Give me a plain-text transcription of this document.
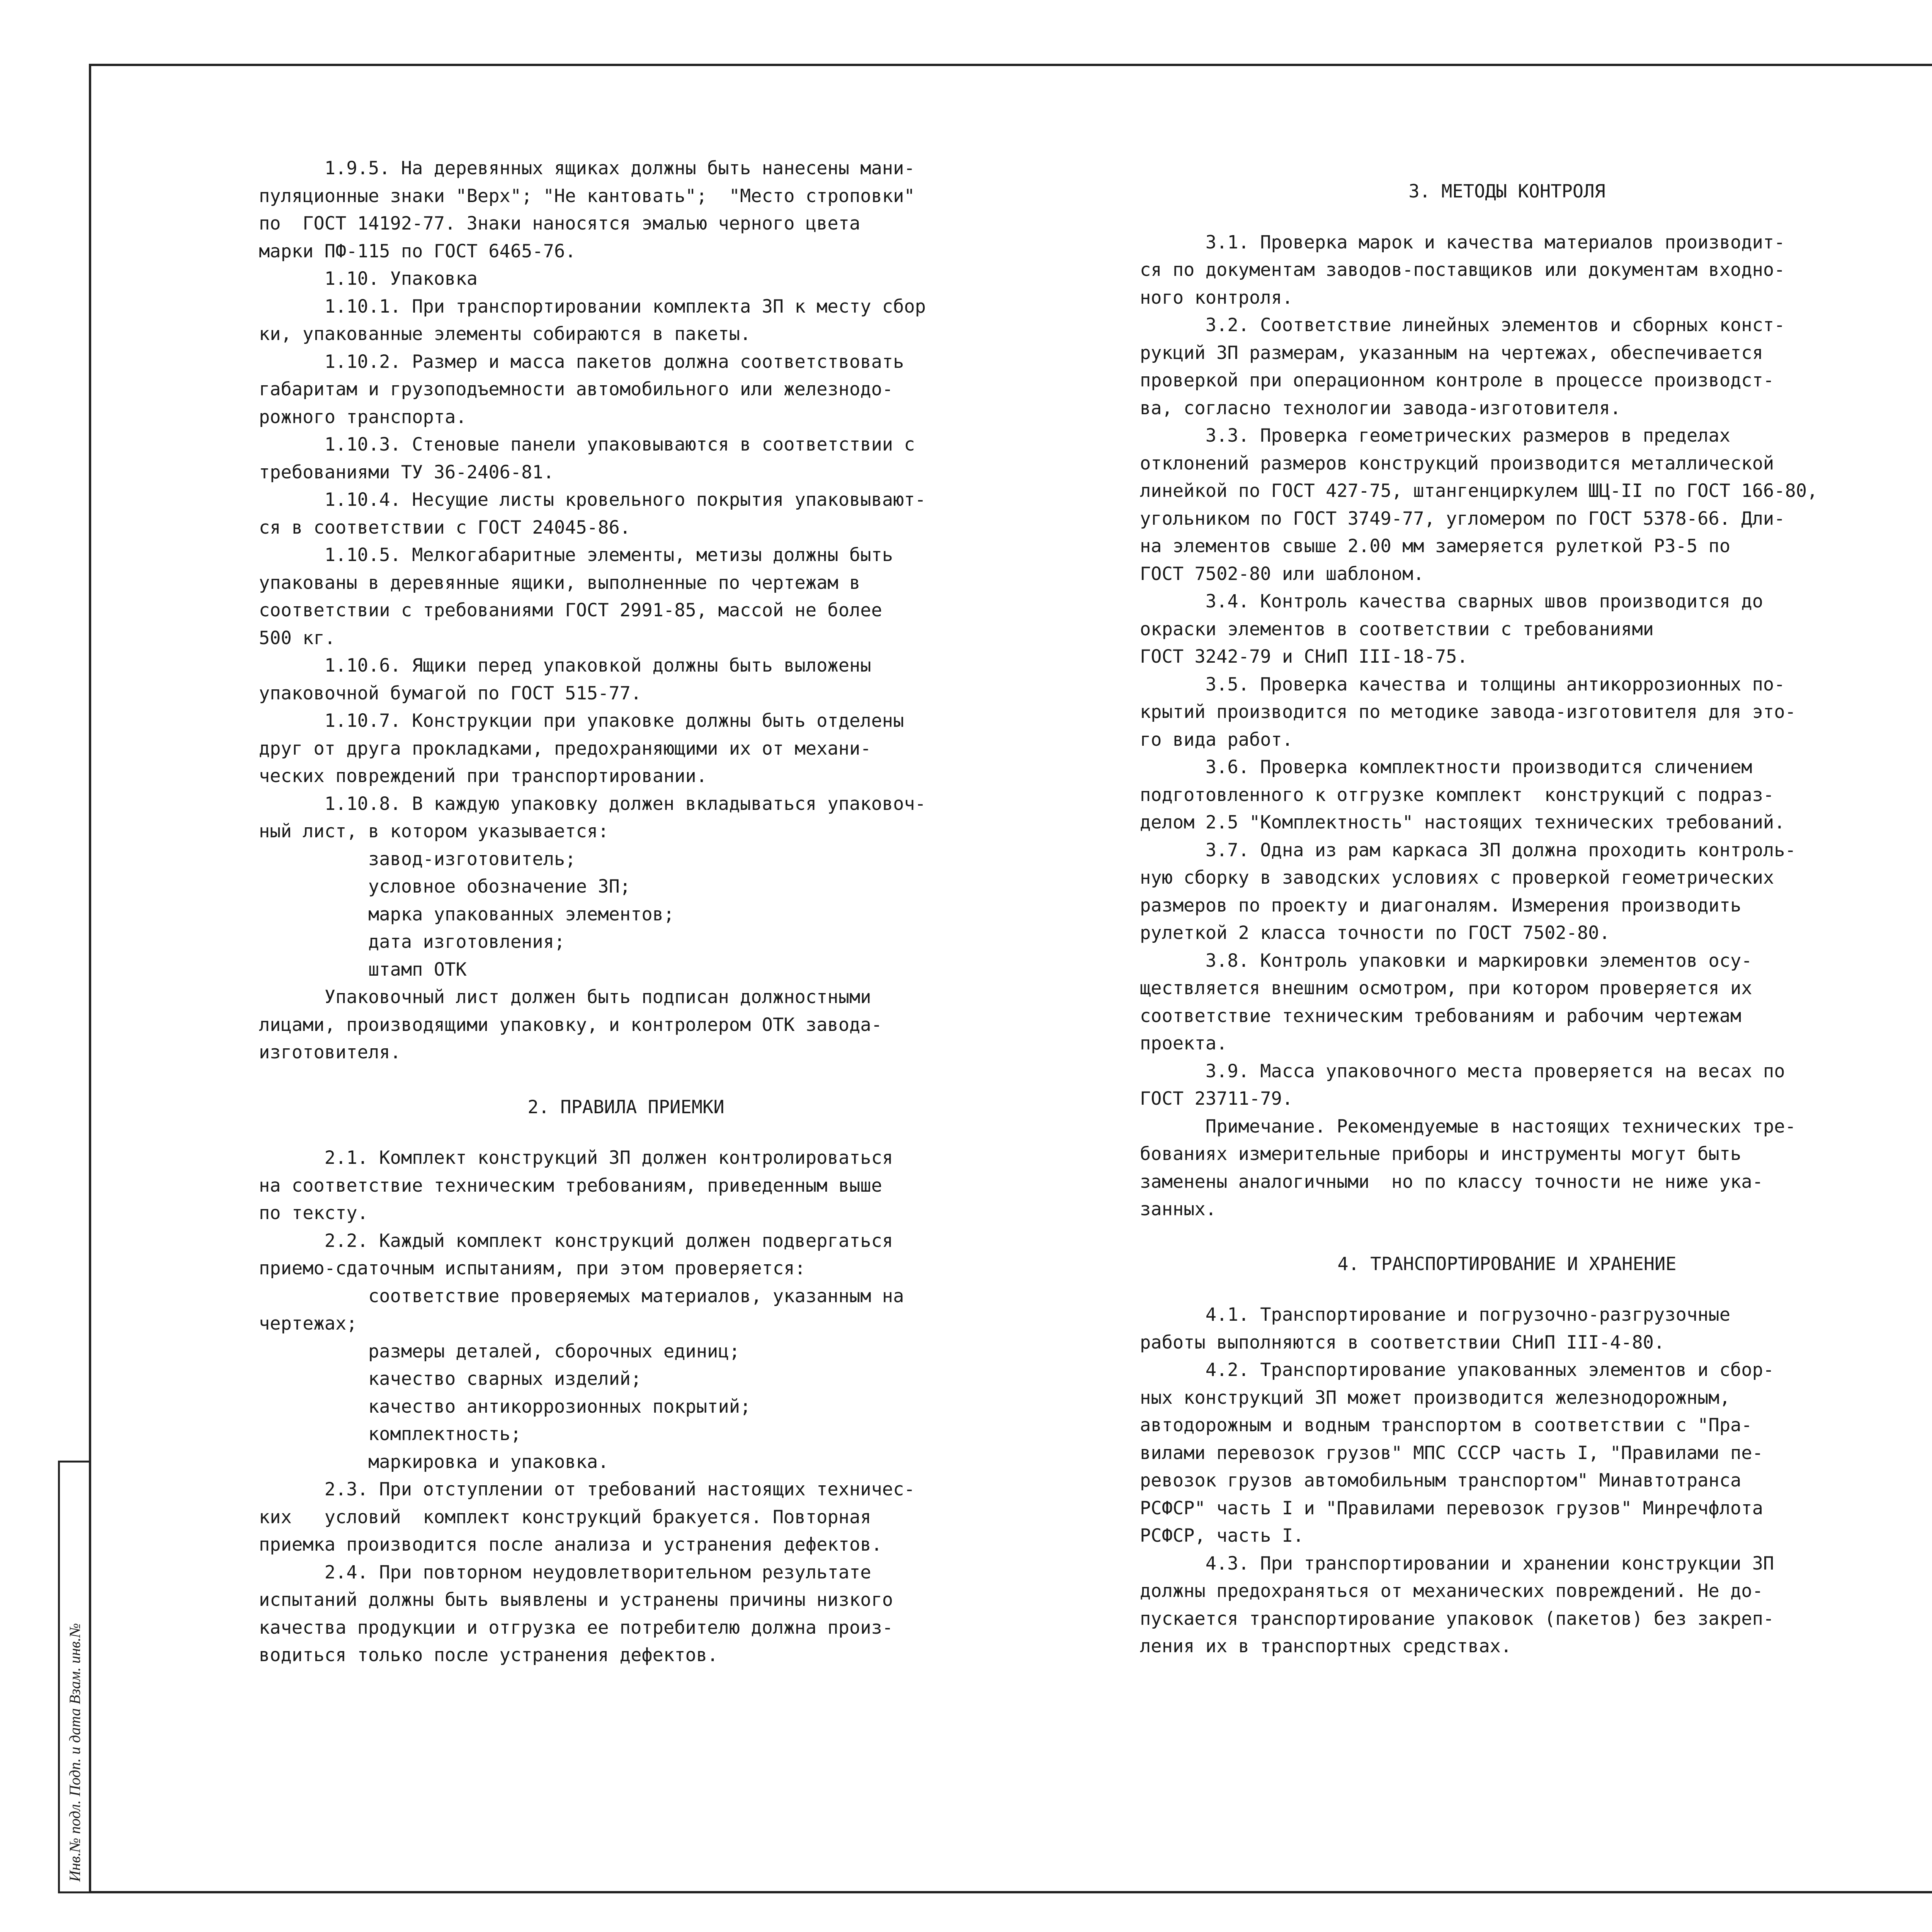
Инв.№ подл. Подп. и дата Взам. инв.№

1.9.5. На деревянных ящиках должны быть нанесены мани-

пуляционные знаки "Верх"; "Не кантовать";  "Место строповки"

по  ГОСТ 14192-77. Знаки наносятся эмалью черного цвета

марки ПФ-115 по ГОСТ 6465-76.

1.10. Упаковка

1.10.1. При транспортировании комплекта ЗП к месту сбор

ки, упакованные элементы собираются в пакеты.

1.10.2. Размер и масса пакетов должна соответствовать

габаритам и грузоподъемности автомобильного или железнодо-

рожного транспорта.

1.10.3. Стеновые панели упаковываются в соответствии с

требованиями ТУ 36-2406-81.

1.10.4. Несущие листы кровельного покрытия упаковывают-

ся в соответствии с ГОСТ 24045-86.

1.10.5. Мелкогабаритные элементы, метизы должны быть

упакованы в деревянные ящики, выполненные по чертежам в

соответствии с требованиями ГОСТ 2991-85, массой не более

500 кг.

1.10.6. Ящики перед упаковкой должны быть выложены

упаковочной бумагой по ГОСТ 515-77.

1.10.7. Конструкции при упаковке должны быть отделены

друг от друга прокладками, предохраняющими их от механи-

ческих повреждений при транспортировании.

1.10.8. В каждую упаковку должен вкладываться упаковоч-

ный лист, в котором указывается:

завод-изготовитель;

условное обозначение ЗП;

марка упакованных элементов;

дата изготовления;

штамп ОТК

Упаковочный лист должен быть подписан должностными

лицами, производящими упаковку, и контролером ОТК завода-

изготовителя.

2. ПРАВИЛА ПРИЕМКИ

2.1. Комплект конструкций ЗП должен контролироваться

на соответствие техническим требованиям, приведенным выше

по тексту.

2.2. Каждый комплект конструкций должен подвергаться

приемо-сдаточным испытаниям, при этом проверяется:

соответствие проверяемых материалов, указанным на

чертежах;

размеры деталей, сборочных единиц;

качество сварных изделий;

качество антикоррозионных покрытий;

комплектность;

маркировка и упаковка.

2.3. При отступлении от требований настоящих техничес-

ких   условий  комплект конструкций бракуется. Повторная

приемка производится после анализа и устранения дефектов.

2.4. При повторном неудовлетворительном результате

испытаний должны быть выявлены и устранены причины низкого

качества продукции и отгрузка ее потребителю должна произ-

водиться только после устранения дефектов.

3. МЕТОДЫ КОНТРОЛЯ

3.1. Проверка марок и качества материалов производит-

ся по документам заводов-поставщиков или документам входно-

ного контроля.

3.2. Соответствие линейных элементов и сборных конст-

рукций ЗП размерам, указанным на чертежах, обеспечивается

проверкой при операционном контроле в процессе производст-

ва, согласно технологии завода-изготовителя.

3.3. Проверка геометрических размеров в пределах

отклонений размеров конструкций производится металлической

линейкой по ГОСТ 427-75, штангенциркулем ШЦ-II по ГОСТ 166-80,

угольником по ГОСТ 3749-77, угломером по ГОСТ 5378-66. Дли-

на элементов свыше 2.00 мм замеряется рулеткой РЗ-5 по

ГОСТ 7502-80 или шаблоном.

3.4. Контроль качества сварных швов производится до

окраски элементов в соответствии с требованиями

ГОСТ 3242-79 и СНиП III-18-75.

3.5. Проверка качества и толщины антикоррозионных по-

крытий производится по методике завода-изготовителя для это-

го вида работ.

3.6. Проверка комплектности производится сличением

подготовленного к отгрузке комплект  конструкций с подраз-

делом 2.5 "Комплектность" настоящих технических требований.

3.7. Одна из рам каркаса ЗП должна проходить контроль-

ную сборку в заводских условиях с проверкой геометрических

размеров по проекту и диагоналям. Измерения производить

рулеткой 2 класса точности по ГОСТ 7502-80.

3.8. Контроль упаковки и маркировки элементов осу-

ществляется внешним осмотром, при котором проверяется их

соответствие техническим требованиям и рабочим чертежам

проекта.

3.9. Масса упаковочного места проверяется на весах по

ГОСТ 23711-79.

Примечание. Рекомендуемые в настоящих технических тре-

бованиях измерительные приборы и инструменты могут быть

заменены аналогичными  но по классу точности не ниже ука-

занных.

4. ТРАНСПОРТИРОВАНИЕ И ХРАНЕНИЕ

4.1. Транспортирование и погрузочно-разгрузочные

работы выполняются в соответствии СНиП III-4-80.

4.2. Транспортирование упакованных элементов и сбор-

ных конструкций ЗП может производится железнодорожным,

автодорожным и водным транспортом в соответствии с "Пра-

вилами перевозок грузов" МПС СССР часть I, "Правилами пе-

ревозок грузов автомобильным транспортом" Минавтотранса

РСФСР" часть I и "Правилами перевозок грузов" Минречфлота

РСФСР, часть I.

4.3. При транспортировании и хранении конструкции ЗП

должны предохраняться от механических повреждений. Не до-

пускается транспортирование упаковок (пакетов) без закреп-

ления их в транспортных средствах.
